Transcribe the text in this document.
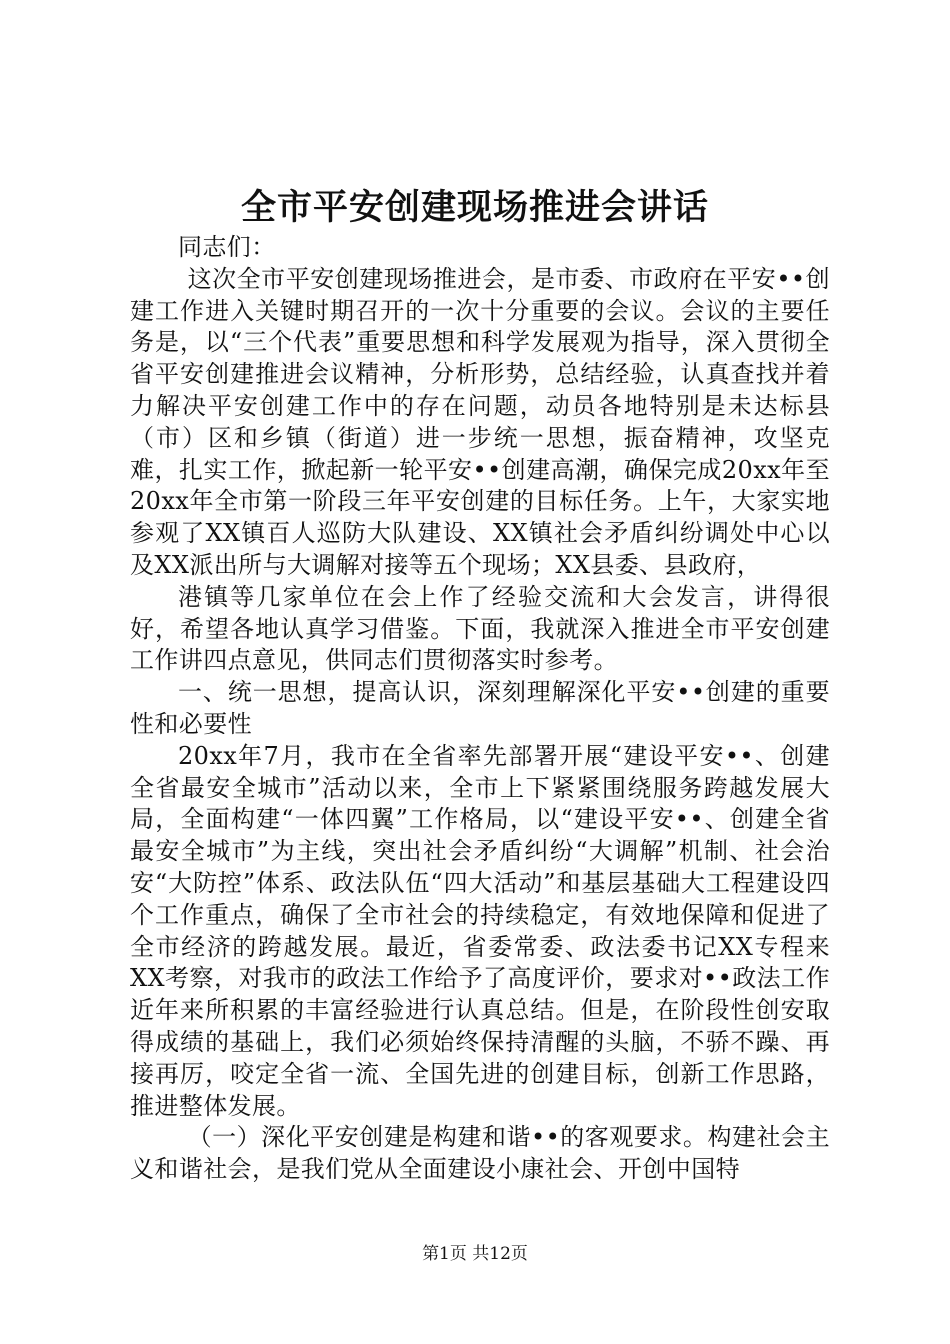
全市平安创建现场推进会讲话

同志们：

这次全市平安创建现场推进会，是市委、市政府在平安••创建工作进入关键时期召开的一次十分重要的会议。会议的主要任务是，以“三个代表”重要思想和科学发展观为指导，深入贯彻全省平安创建推进会议精神，分析形势，总结经验，认真查找并着力解决平安创建工作中的存在问题，动员各地特别是未达标县（市）区和乡镇（街道）进一步统一思想，振奋精神，攻坚克难，扎实工作，掀起新一轮平安••创建高潮，确保完成20xx年至20xx年全市第一阶段三年平安创建的目标任务。上午，大家实地参观了XX镇百人巡防大队建设、XX镇社会矛盾纠纷调处中心以及XX派出所与大调解对接等五个现场；XX县委、县政府，

港镇等几家单位在会上作了经验交流和大会发言，讲得很好，希望各地认真学习借鉴。下面，我就深入推进全市平安创建工作讲四点意见，供同志们贯彻落实时参考。

一、统一思想，提高认识，深刻理解深化平安••创建的重要性和必要性

20xx年7月，我市在全省率先部署开展“建设平安••、创建全省最安全城市”活动以来，全市上下紧紧围绕服务跨越发展大局，全面构建“一体四翼”工作格局，以“建设平安••、创建全省最安全城市”为主线，突出社会矛盾纠纷“大调解”机制、社会治安“大防控”体系、政法队伍“四大活动”和基层基础大工程建设四个工作重点，确保了全市社会的持续稳定，有效地保障和促进了全市经济的跨越发展。最近，省委常委、政法委书记XX专程来XX考察，对我市的政法工作给予了高度评价，要求对••政法工作近年来所积累的丰富经验进行认真总结。但是，在阶段性创安取得成绩的基础上，我们必须始终保持清醒的头脑，不骄不躁、再接再厉，咬定全省一流、全国先进的创建目标，创新工作思路，推进整体发展。

（一）深化平安创建是构建和谐••的客观要求。构建社会主义和谐社会，是我们党从全面建设小康社会、开创中国特

第1页 共12页
